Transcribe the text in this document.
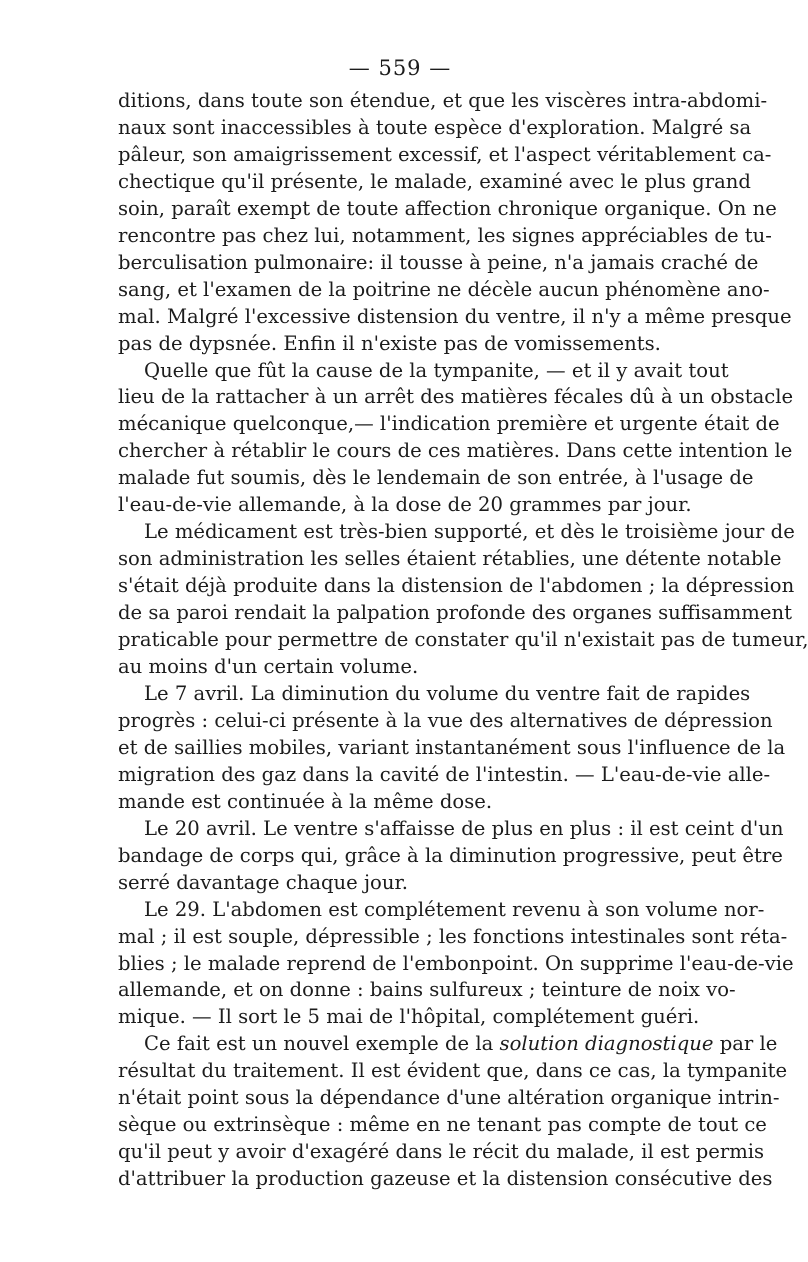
— 559 —
ditions, dans toute son étendue, et que les viscères intra-abdomi-
naux sont inaccessibles à toute espèce d'exploration. Malgré sa
pâleur, son amaigrissement excessif, et l'aspect véritablement ca-
chectique qu'il présente, le malade, examiné avec le plus grand
soin, paraît exempt de toute affection chronique organique. On ne
rencontre pas chez lui, notamment, les signes appréciables de tu-
berculisation pulmonaire: il tousse à peine, n'a jamais craché de
sang, et l'examen de la poitrine ne décèle aucun phénomène ano-
mal. Malgré l'excessive distension du ventre, il n'y a même presque
pas de dypsnée. Enfin il n'existe pas de vomissements.
Quelle que fût la cause de la tympanite, — et il y avait tout
lieu de la rattacher à un arrêt des matières fécales dû à un obstacle
mécanique quelconque,— l'indication première et urgente était de
chercher à rétablir le cours de ces matières. Dans cette intention le
malade fut soumis, dès le lendemain de son entrée, à l'usage de
l'eau-de-vie allemande, à la dose de 20 grammes par jour.
Le médicament est très-bien supporté, et dès le troisième jour de
son administration les selles étaient rétablies, une détente notable
s'était déjà produite dans la distension de l'abdomen ; la dépression
de sa paroi rendait la palpation profonde des organes suffisamment
praticable pour permettre de constater qu'il n'existait pas de tumeur,
au moins d'un certain volume.
Le 7 avril. La diminution du volume du ventre fait de rapides
progrès : celui-ci présente à la vue des alternatives de dépression
et de saillies mobiles, variant instantanément sous l'influence de la
migration des gaz dans la cavité de l'intestin. — L'eau-de-vie alle-
mande est continuée à la même dose.
Le 20 avril. Le ventre s'affaisse de plus en plus : il est ceint d'un
bandage de corps qui, grâce à la diminution progressive, peut être
serré davantage chaque jour.
Le 29. L'abdomen est complétement revenu à son volume nor-
mal ; il est souple, dépressible ; les fonctions intestinales sont réta-
blies ; le malade reprend de l'embonpoint. On supprime l'eau-de-vie
allemande, et on donne : bains sulfureux ; teinture de noix vo-
mique. — Il sort le 5 mai de l'hôpital, complétement guéri.
Ce fait est un nouvel exemple de la solution diagnostique par le
résultat du traitement. Il est évident que, dans ce cas, la tympanite
n'était point sous la dépendance d'une altération organique intrin-
sèque ou extrinsèque : même en ne tenant pas compte de tout ce
qu'il peut y avoir d'exagéré dans le récit du malade, il est permis
d'attribuer la production gazeuse et la distension consécutive des
